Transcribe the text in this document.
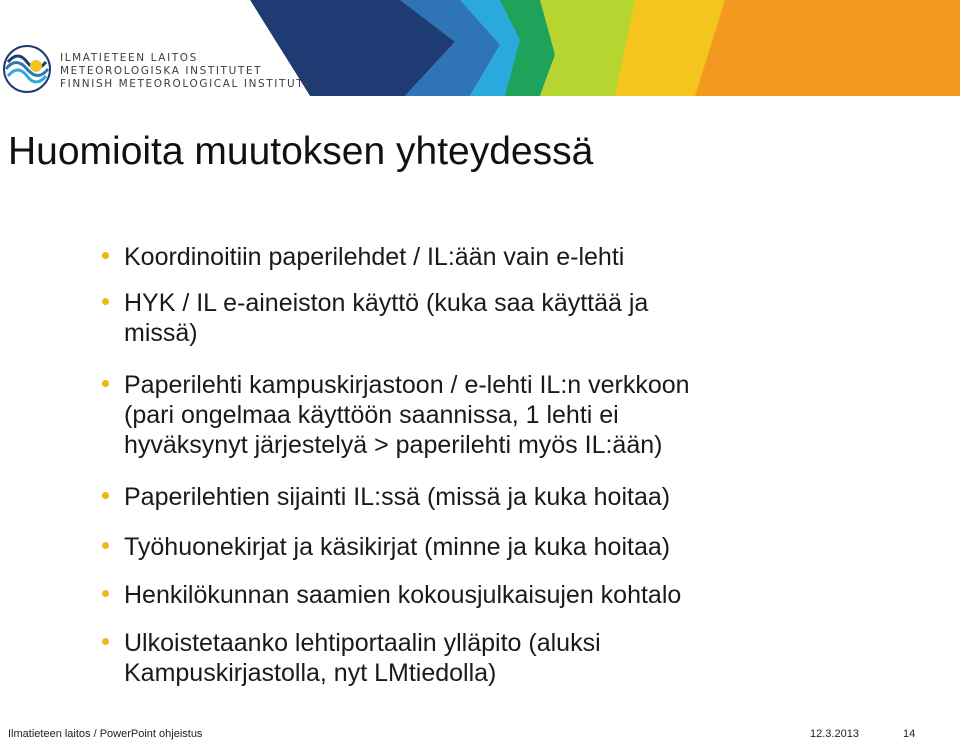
ILMATIETEEN LAITOS
METEOROLOGISKA INSTITUTET
FINNISH METEOROLOGICAL INSTITUTE
Huomioita muutoksen yhteydessä
Koordinoitiin paperilehdet / IL:ään vain e-lehti
HYK / IL e-aineiston käyttö (kuka saa käyttää ja
missä)
Paperilehti kampuskirjastoon / e-lehti IL:n verkkoon
(pari ongelmaa käyttöön saannissa, 1 lehti ei
hyväksynyt järjestelyä > paperilehti myös IL:ään)
Paperilehtien sijainti IL:ssä (missä ja kuka hoitaa)
Työhuonekirjat ja käsikirjat (minne ja kuka hoitaa)
Henkilökunnan saamien kokousjulkaisujen kohtalo
Ulkoistetaanko lehtiportaalin ylläpito (aluksi
Kampuskirjastolla, nyt LMtiedolla)
Ilmatieteen laitos / PowerPoint ohjeistus	12.3.2013	14
